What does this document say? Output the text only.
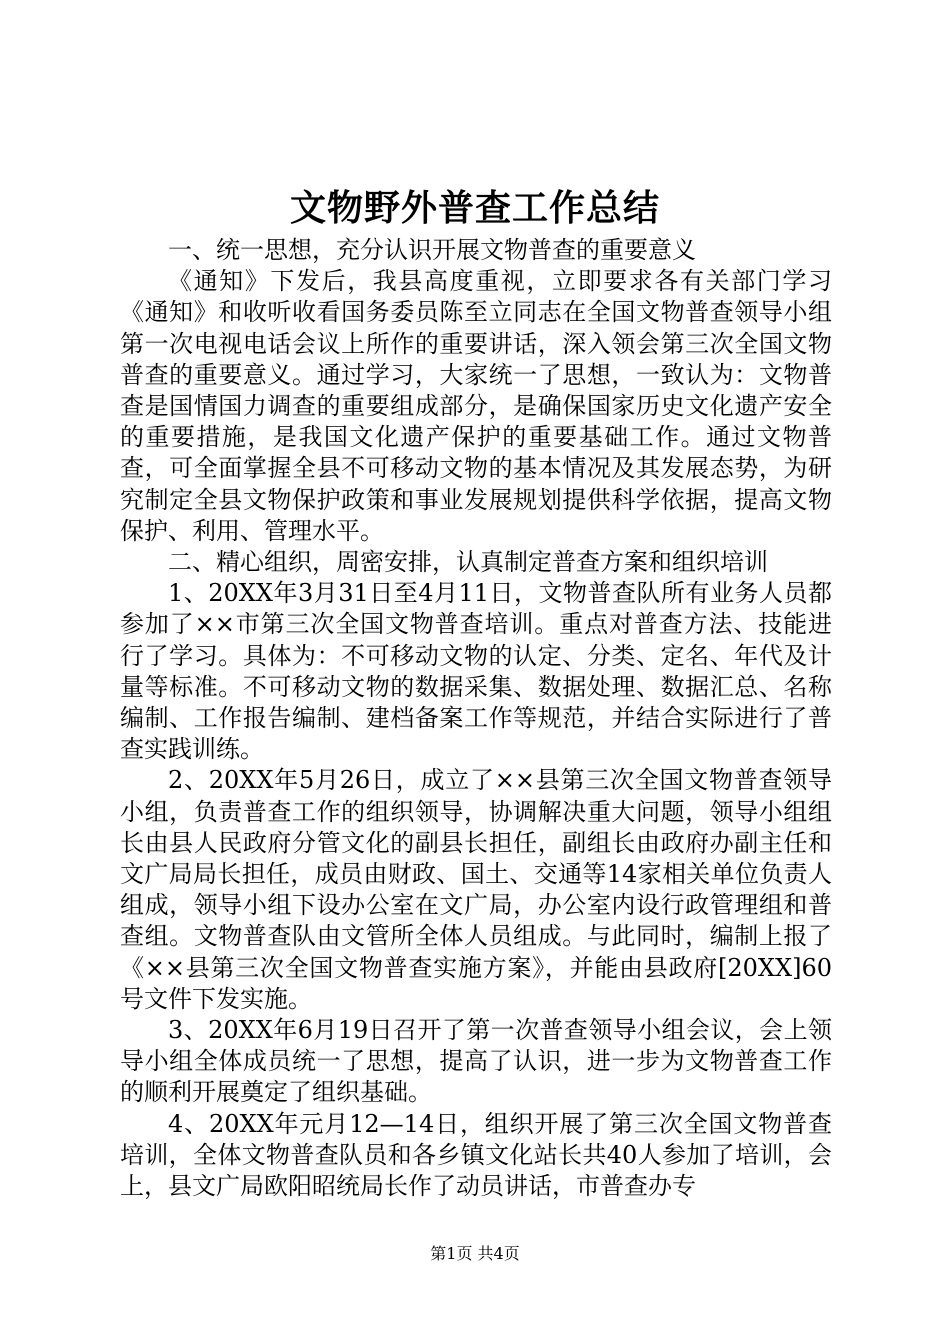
文物野外普查工作总结

一、统一思想，充分认识开展文物普查的重要意义

《通知》下发后，我县高度重视，立即要求各有关部门学习《通知》和收听收看国务委员陈至立同志在全国文物普查领导小组第一次电视电话会议上所作的重要讲话，深入领会第三次全国文物普查的重要意义。通过学习，大家统一了思想，一致认为：文物普查是国情国力调查的重要组成部分，是确保国家历史文化遗产安全的重要措施，是我国文化遗产保护的重要基础工作。通过文物普查，可全面掌握全县不可移动文物的基本情况及其发展态势，为研究制定全县文物保护政策和事业发展规划提供科学依据，提高文物保护、利用、管理水平。

二、精心组织，周密安排，认真制定普查方案和组织培训

1、20XX年3月31日至4月11日，文物普查队所有业务人员都参加了××市第三次全国文物普查培训。重点对普查方法、技能进行了学习。具体为：不可移动文物的认定、分类、定名、年代及计量等标准。不可移动文物的数据采集、数据处理、数据汇总、名称编制、工作报告编制、建档备案工作等规范，并结合实际进行了普查实践训练。

2、20XX年5月26日，成立了××县第三次全国文物普查领导小组，负责普查工作的组织领导，协调解决重大问题，领导小组组长由县人民政府分管文化的副县长担任，副组长由政府办副主任和文广局局长担任，成员由财政、国土、交通等14家相关单位负责人组成，领导小组下设办公室在文广局，办公室内设行政管理组和普查组。文物普查队由文管所全体人员组成。与此同时，编制上报了《××县第三次全国文物普查实施方案》，并能由县政府[20XX]60号文件下发实施。

3、20XX年6月19日召开了第一次普查领导小组会议，会上领导小组全体成员统一了思想，提高了认识，进一步为文物普查工作的顺利开展奠定了组织基础。

4、20XX年元月12—14日，组织开展了第三次全国文物普查培训，全体文物普查队员和各乡镇文化站长共40人参加了培训，会上，县文广局欧阳昭统局长作了动员讲话，市普查办专

第1页 共4页
